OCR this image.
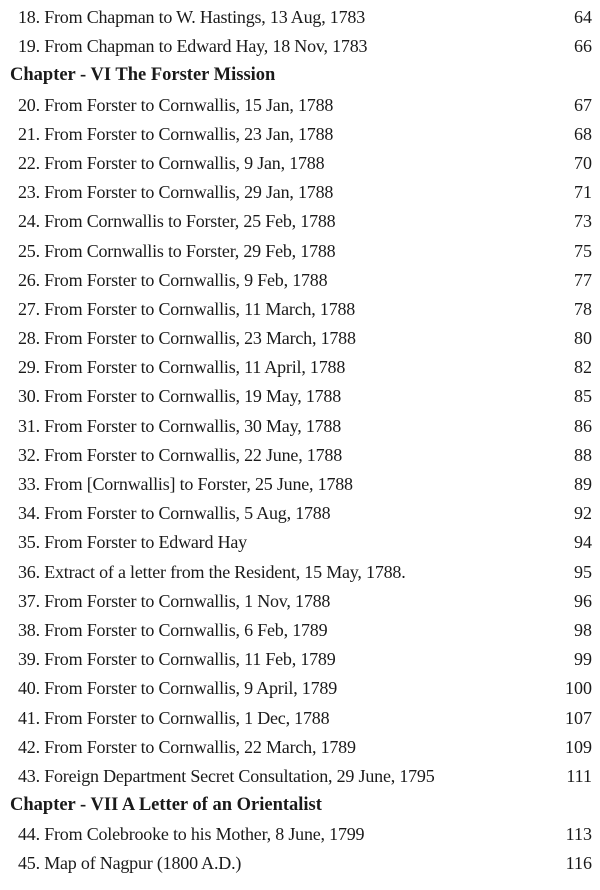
18. From Chapman to W. Hastings, 13 Aug, 1783	64
19. From Chapman to Edward Hay, 18 Nov, 1783	66
Chapter - VI The Forster Mission
20. From Forster to Cornwallis, 15 Jan, 1788	67
21. From Forster to Cornwallis, 23 Jan, 1788	68
22. From Forster to Cornwallis, 9 Jan, 1788	70
23. From Forster to Cornwallis, 29 Jan, 1788	71
24. From Cornwallis to Forster, 25 Feb, 1788	73
25. From Cornwallis to Forster, 29 Feb, 1788	75
26. From Forster to Cornwallis, 9 Feb, 1788	77
27. From Forster to Cornwallis, 11 March, 1788	78
28. From Forster to Cornwallis, 23 March, 1788	80
29. From Forster to Cornwallis, 11 April, 1788	82
30. From Forster to Cornwallis, 19 May, 1788	85
31. From Forster to Cornwallis, 30 May, 1788	86
32. From Forster to Cornwallis, 22 June, 1788	88
33. From [Cornwallis] to Forster, 25 June, 1788	89
34. From Forster to Cornwallis, 5 Aug, 1788	92
35. From Forster to Edward Hay	94
36. Extract of a letter from the Resident, 15 May, 1788.	95
37. From Forster to Cornwallis, 1 Nov, 1788	96
38. From Forster to Cornwallis, 6 Feb, 1789	98
39. From Forster to Cornwallis, 11 Feb, 1789	99
40. From Forster to Cornwallis, 9 April, 1789	100
41. From Forster to Cornwallis, 1 Dec, 1788	107
42. From Forster to Cornwallis, 22 March, 1789	109
43. Foreign Department Secret Consultation, 29 June, 1795	111
Chapter - VII A Letter of an Orientalist
44. From Colebrooke to his Mother, 8 June, 1799	113
45. Map of Nagpur (1800 A.D.)	116
